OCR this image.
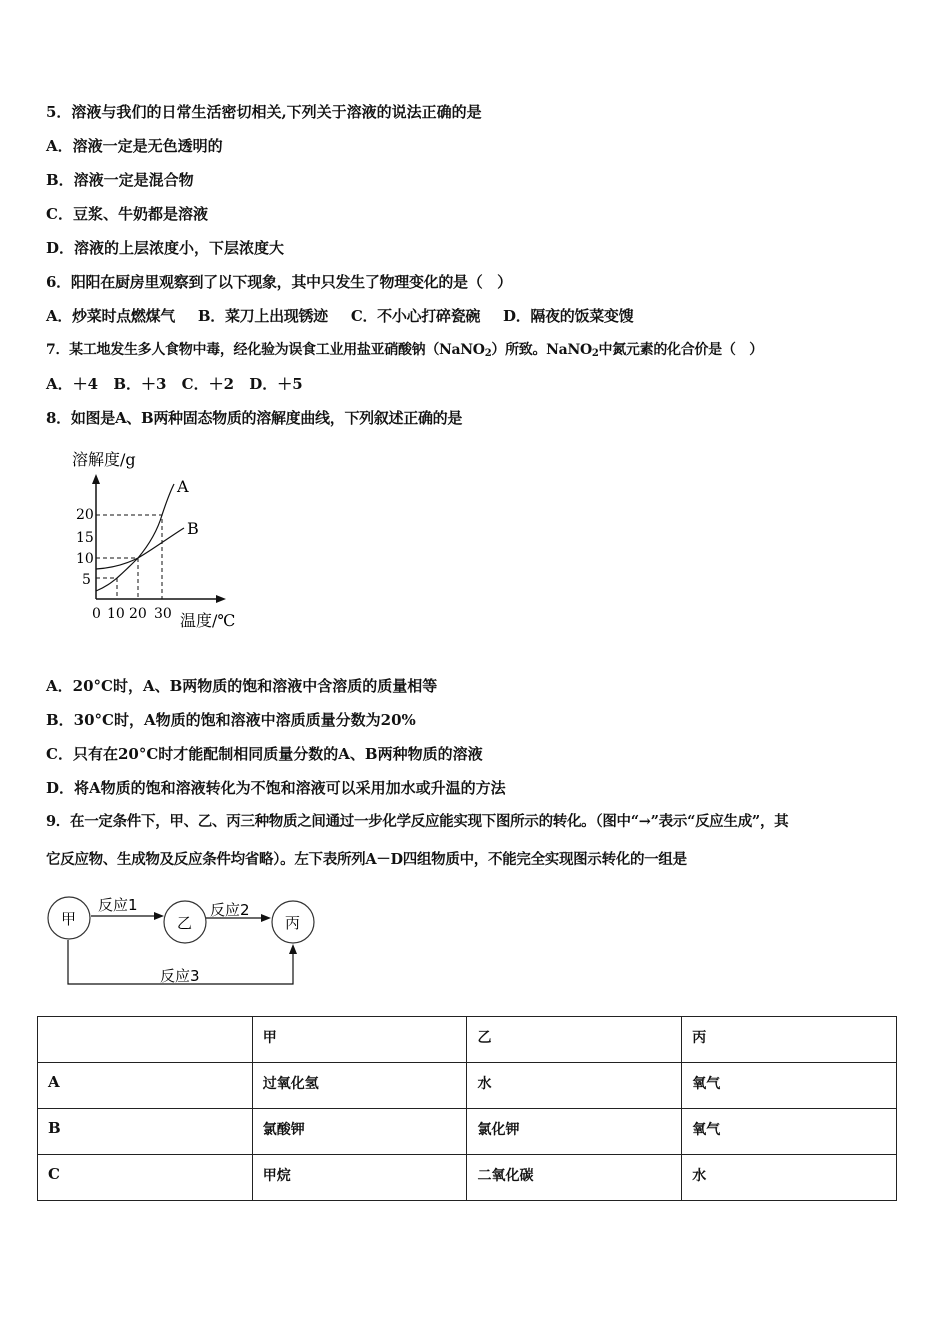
5．溶液与我们的日常生活密切相关,下列关于溶液的说法正确的是
A．溶液一定是无色透明的
B．溶液一定是混合物
C．豆浆、牛奶都是溶液
D．溶液的上层浓度小，下层浓度大
6．阳阳在厨房里观察到了以下现象，其中只发生了物理变化的是（　）
A．炒菜时点燃煤气 B．菜刀上出现锈迹 C．不小心打碎瓷碗 D．隔夜的饭菜变馊
7．某工地发生多人食物中毒，经化验为误食工业用盐亚硝酸钠（NaNO$_2$）所致。NaNO$_2$中氮元素的化合价是（　）
A．＋4 B．＋3 C．＋2 D．＋5
8．如图是A、B两种固态物质的溶解度曲线，下列叙述正确的是
溶解度/g
温度/℃
20
15
10
5
0 10 20 30
A
B
A．20°C时，A、B两物质的饱和溶液中含溶质的质量相等
B．30°C时，A物质的饱和溶液中溶质质量分数为20%
C．只有在20°C时才能配制相同质量分数的A、B两种物质的溶液
D．将A物质的饱和溶液转化为不饱和溶液可以采用加水或升温的方法
9．在一定条件下，甲、乙、丙三种物质之间通过一步化学反应能实现下图所示的转化。（图中“→”表示“反应生成”，其
它反应物、生成物及反应条件均省略）。左下表所列A－D四组物质中，不能完全实现图示转化的一组是
甲	乙	丙
反应1	反应2
反应3
	甲	乙	丙
A	过氧化氢	水	氧气
B	氯酸钾	氯化钾	氧气
C	甲烷	二氧化碳	水
